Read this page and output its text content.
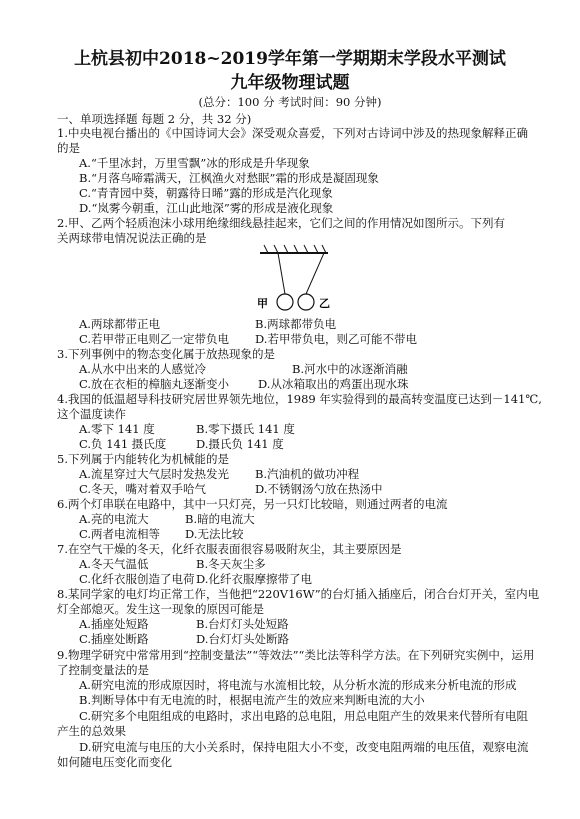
上杭县初中2018~2019学年第一学期期末学段水平测试
九年级物理试题
(总分：100 分 考试时间：90 分钟)
一、单项选择题 每题 2 分，共 32 分)
1.中央电视台播出的《中国诗词大会》深受观众喜爱，下列对古诗词中涉及的热现象解释正确
的是
A.“千里冰封，万里雪飘”冰的形成是升华现象
B.“月落乌啼霜满天，江枫渔火对愁眠”霜的形成是凝固现象
C.“青青园中葵，朝露待日晞”露的形成是汽化现象
D.“岚雾今朝重，江山此地深”雾的形成是液化现象
2.甲、乙两个轻质泡沫小球用绝缘细线悬挂起来，它们之间的作用情况如图所示。下列有
关两球带电情况说法正确的是
甲	乙
A.两球都带正电	B.两球都带负电
C.若甲带正电则乙一定带负电 D.若甲带负电，则乙可能不带电
3.下列事例中的物态变化属于放热现象的是
A.从水中出来的人感觉冷	B.河水中的冰逐渐消融
C.放在衣柜的樟脑丸逐渐变小	D.从冰箱取出的鸡蛋出现水珠
4.我国的低温超导科技研究居世界领先地位，1989 年实验得到的最高转变温度已达到－141℃,
这个温度读作
A.零下 141 度	B.零下摄氏 141 度
C.负 141 摄氏度	D.摄氏负 141 度
5.下列属于内能转化为机械能的是
A.流星穿过大气层时发热发光 B.汽油机的做功冲程
C.冬天，嘴对着双手哈气	D.不锈钢汤勺放在热汤中
6.两个灯串联在电路中，其中一只灯亮，另一只灯比较暗，则通过两者的电流
A.亮的电流大	B.暗的电流大
C.两者电流相等 D.无法比较
7.在空气干燥的冬天，化纤衣服表面很容易吸附灰尘，其主要原因是
A.冬天气温低	B.冬天灰尘多
C.化纤衣服创造了电荷 D.化纤衣服摩擦带了电
8.某同学家的电灯均正常工作，当他把“220V16W”的台灯插入插座后，闭合台灯开关，室内电
灯全部熄灭。发生这一现象的原因可能是
A.插座处短路	B.台灯灯头处短路
C.插座处断路	D.台灯灯头处断路
9.物理学研究中常常用到“控制变量法”“等效法”“类比法等科学方法。在下列研究实例中，运用
了控制变量法的是
A.研究电流的形成原因时，将电流与水流相比较，从分析水流的形成来分析电流的形成
B.判断导体中有无电流的时，根据电流产生的效应来判断电流的大小
C.研究多个电阻组成的电路时，求出电路的总电阻，用总电阻产生的效果来代替所有电阻
产生的总效果
D.研究电流与电压的大小关系时，保持电阻大小不变，改变电阻两端的电压值，观察电流
如何随电压变化而变化
